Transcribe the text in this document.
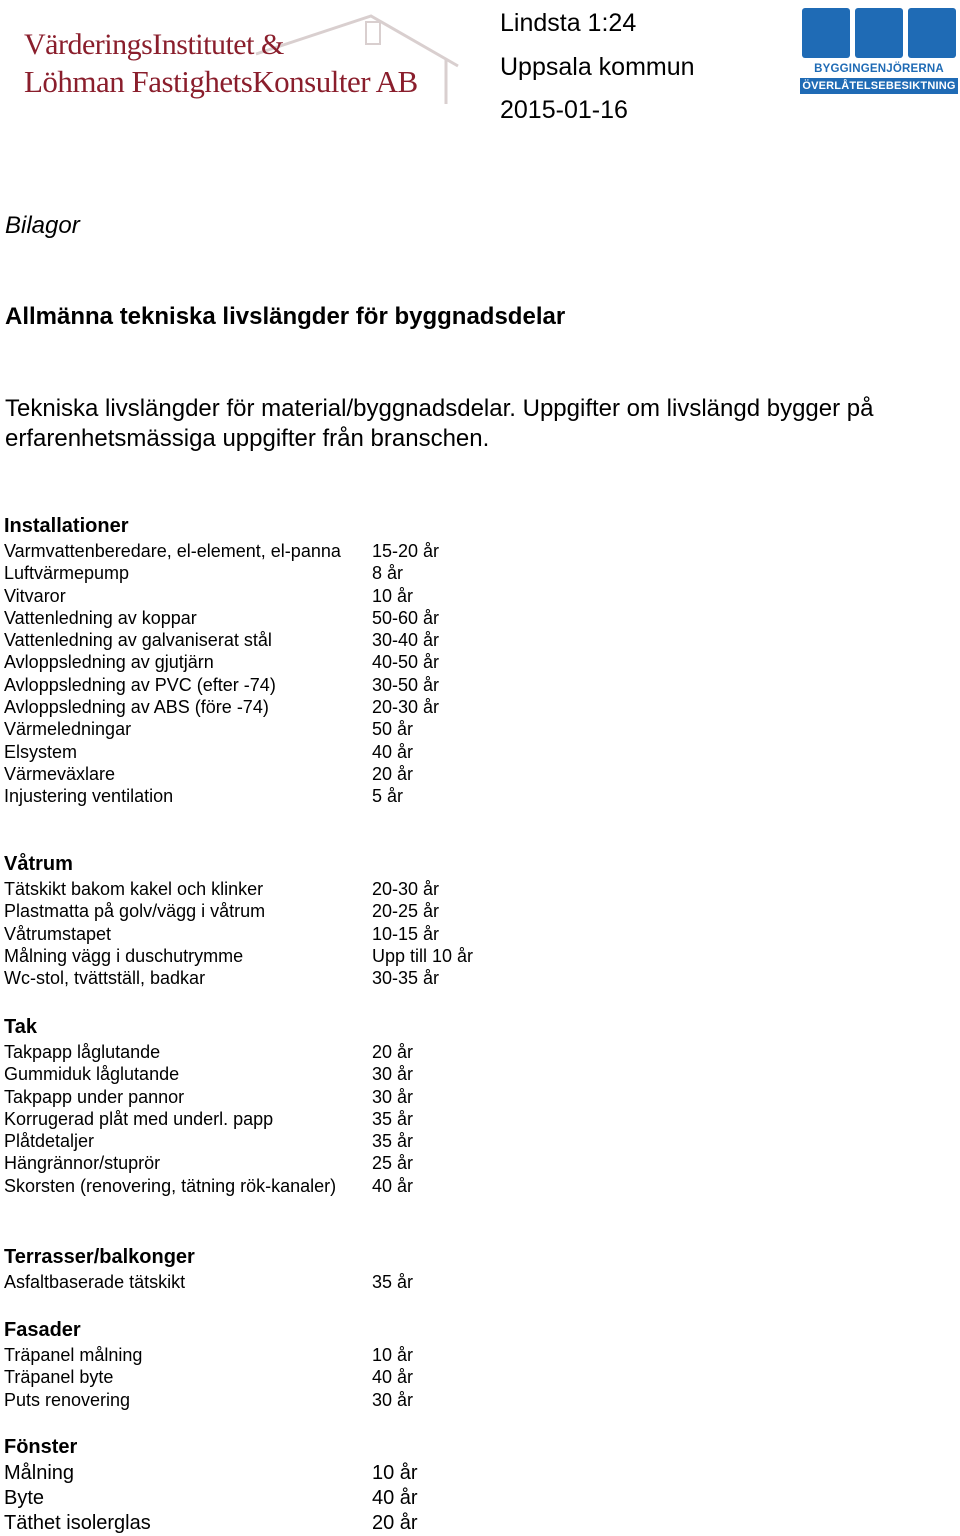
VärderingsInstitutet &
Löhman FastighetsKonsulter AB
Lindsta 1:24
Uppsala kommun
2015-01-16
BYGGINGENJÖRERNA
ÖVERLÅTELSEBESIKTNING
Bilagor
Allmänna tekniska livslängder för byggnadsdelar
Tekniska livslängder för material/byggnadsdelar. Uppgifter om livslängd bygger på erfarenhetsmässiga uppgifter från branschen.
Installationer
Varmvattenberedare, el-element, el-panna	15-20 år
Luftvärmepump	8 år
Vitvaror	10 år
Vattenledning av koppar	50-60 år
Vattenledning av galvaniserat stål	30-40 år
Avloppsledning av gjutjärn	40-50 år
Avloppsledning av PVC (efter -74)	30-50 år
Avloppsledning av ABS (före -74)	20-30 år
Värmeledningar	50 år
Elsystem	40 år
Värmeväxlare	20 år
Injustering ventilation	5 år
Våtrum
Tätskikt bakom kakel och klinker	20-30 år
Plastmatta på golv/vägg i våtrum	20-25 år
Våtrumstapet	10-15 år
Målning vägg i duschutrymme	Upp till 10 år
Wc-stol, tvättställ, badkar	30-35 år
Tak
Takpapp låglutande	20 år
Gummiduk låglutande	30 år
Takpapp under pannor	30 år
Korrugerad plåt med underl. papp	35 år
Plåtdetaljer	35 år
Hängrännor/stuprör	25 år
Skorsten (renovering, tätning rök-kanaler)	40 år
Terrasser/balkonger
Asfaltbaserade tätskikt	35 år
Fasader
Träpanel målning	10 år
Träpanel byte	40 år
Puts renovering	30 år
Fönster
Målning	10 år
Byte	40 år
Täthet isolerglas	20 år
